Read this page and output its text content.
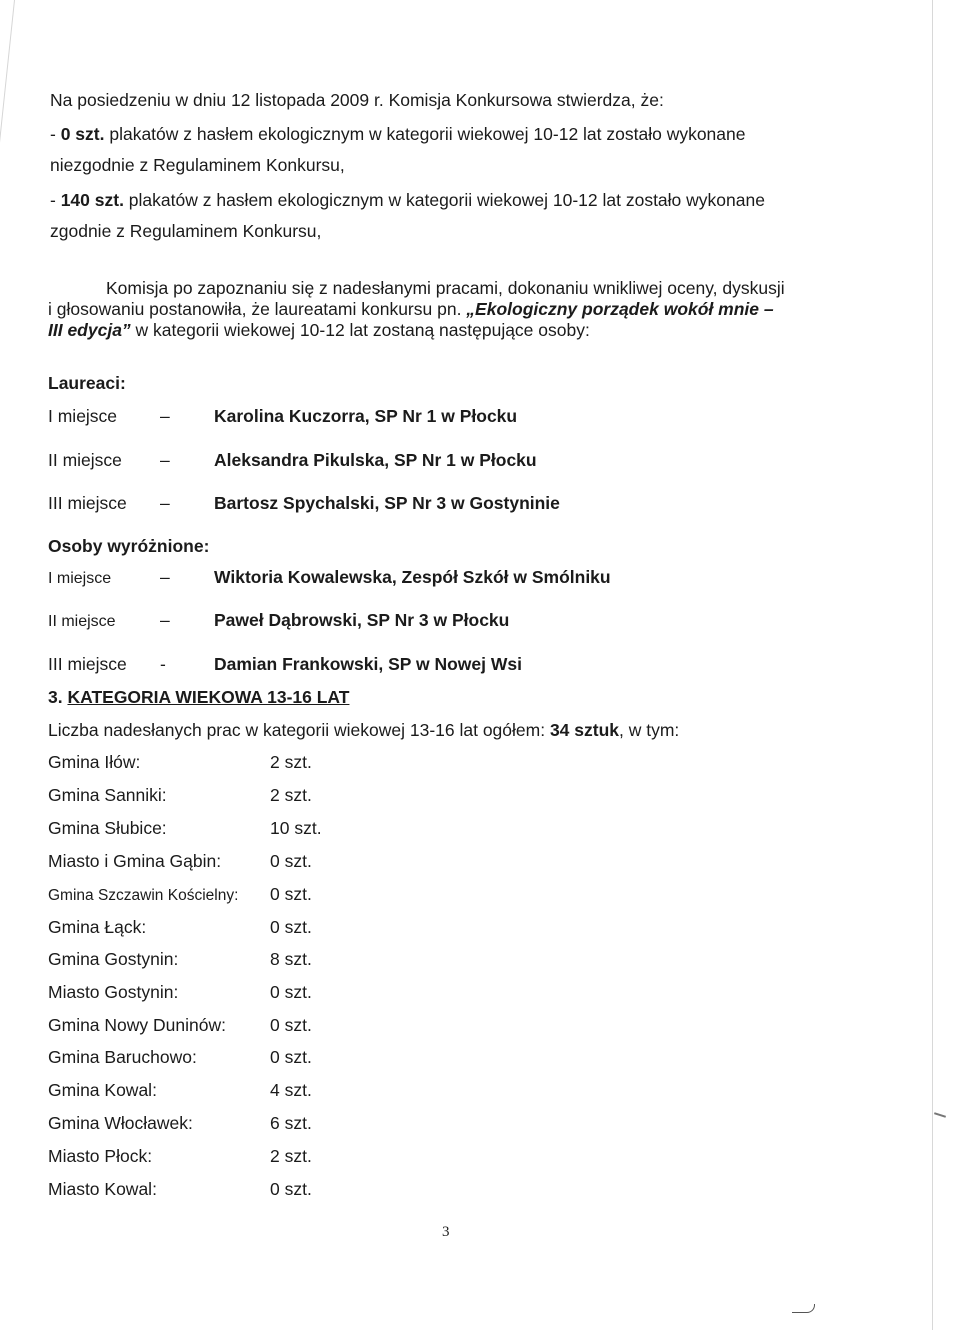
Na posiedzeniu w dniu 12 listopada 2009 r. Komisja Konkursowa stwierdza, że:
- 0 szt. plakatów z hasłem ekologicznym w kategorii wiekowej 10-12 lat zostało wykonane
niezgodnie z Regulaminem Konkursu,
- 140 szt. plakatów z hasłem ekologicznym w kategorii wiekowej 10-12 lat zostało wykonane
zgodnie z Regulaminem Konkursu,
Komisja po zapoznaniu się z nadesłanymi pracami, dokonaniu wnikliwej oceny, dyskusji
i głosowaniu postanowiła, że laureatami konkursu pn. „Ekologiczny porządek wokół mnie –
III edycja” w kategorii wiekowej 10-12 lat zostaną następujące osoby:
Laureaci:
I miejsce –	Karolina Kuczorra, SP Nr 1 w Płocku
II miejsce –	Aleksandra Pikulska, SP Nr 1 w Płocku
III miejsce –	Bartosz Spychalski, SP Nr 3 w Gostyninie
Osoby wyróżnione:
I miejsce	–	Wiktoria Kowalewska, Zespół Szkół w Smólniku
II miejsce	–	Paweł Dąbrowski, SP Nr 3 w Płocku
III miejsce -	Damian Frankowski, SP w Nowej Wsi
3. KATEGORIA WIEKOWA 13-16 LAT
Liczba nadesłanych prac w kategorii wiekowej 13-16 lat ogółem: 34 sztuk, w tym:
Gmina Iłów:	2 szt.
Gmina Sanniki:	2 szt.
Gmina Słubice:	10 szt.
Miasto i Gmina Gąbin:	0 szt.
Gmina Szczawin Kościelny: 0 szt.
Gmina Łąck:	0 szt.
Gmina Gostynin:	8 szt.
Miasto Gostynin:	0 szt.
Gmina Nowy Duninów:	0 szt.
Gmina Baruchowo:	0 szt.
Gmina Kowal:	4 szt.
Gmina Włocławek:	6 szt.
Miasto Płock:	2 szt.
Miasto Kowal:	0 szt.
3
